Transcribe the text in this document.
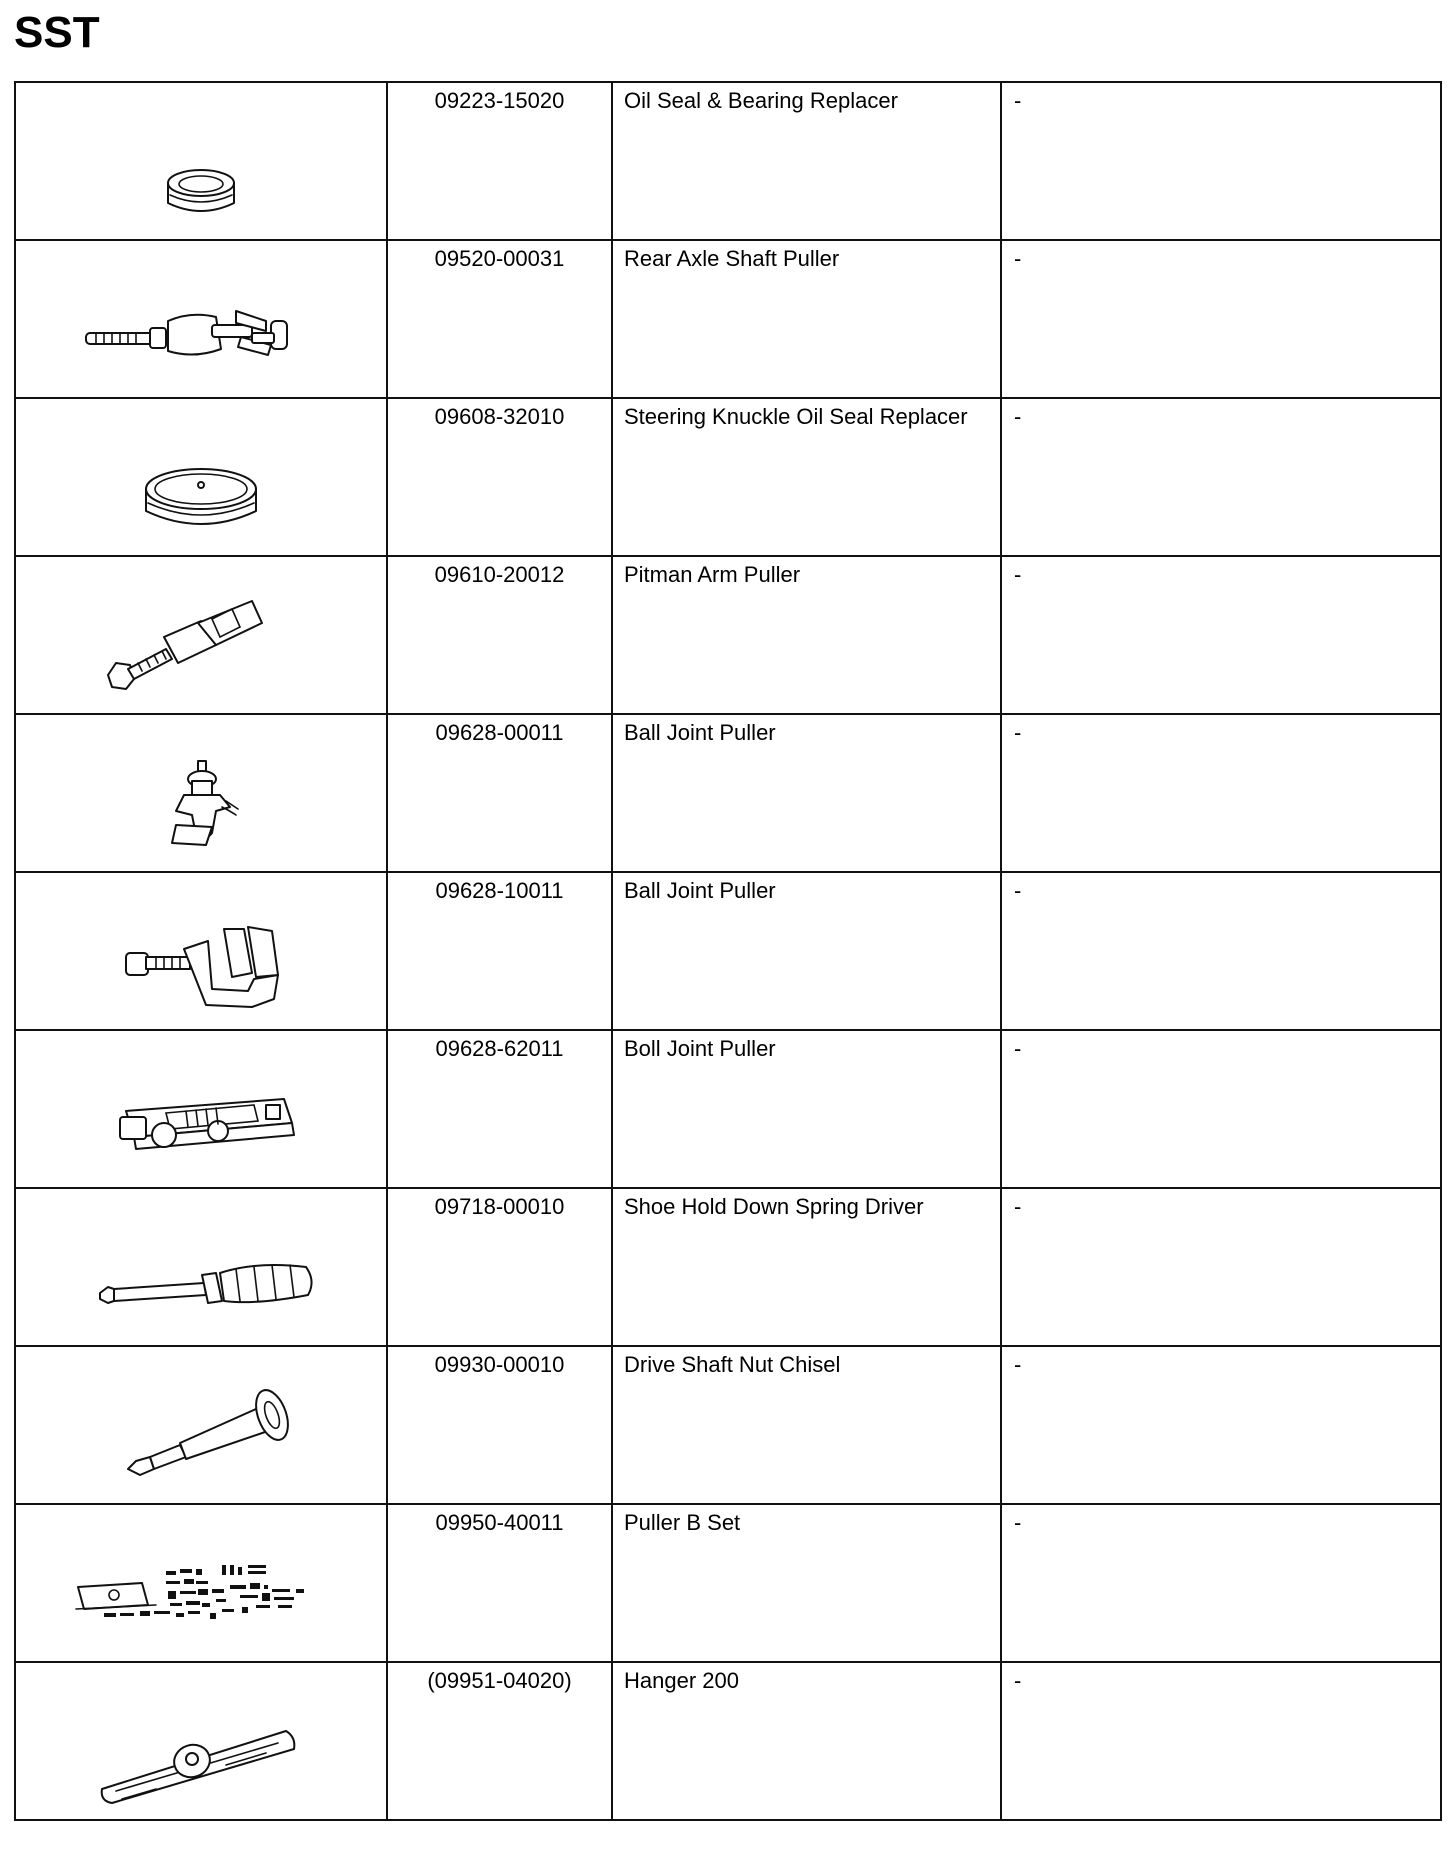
SST
	09223-15020	Oil Seal & Bearing Replacer	-

	09520-00031	Rear Axle Shaft Puller	-

	09608-32010	Steering Knuckle Oil Seal Replacer	-

	09610-20012	Pitman Arm Puller	-

	09628-00011	Ball Joint Puller	-

	09628-10011	Ball Joint Puller	-

	09628-62011	Boll Joint Puller	-

	09718-00010	Shoe Hold Down Spring Driver	-

	09930-00010	Drive Shaft Nut Chisel	-

	09950-40011	Puller B Set	-

	(09951-04020)	Hanger 200	-
